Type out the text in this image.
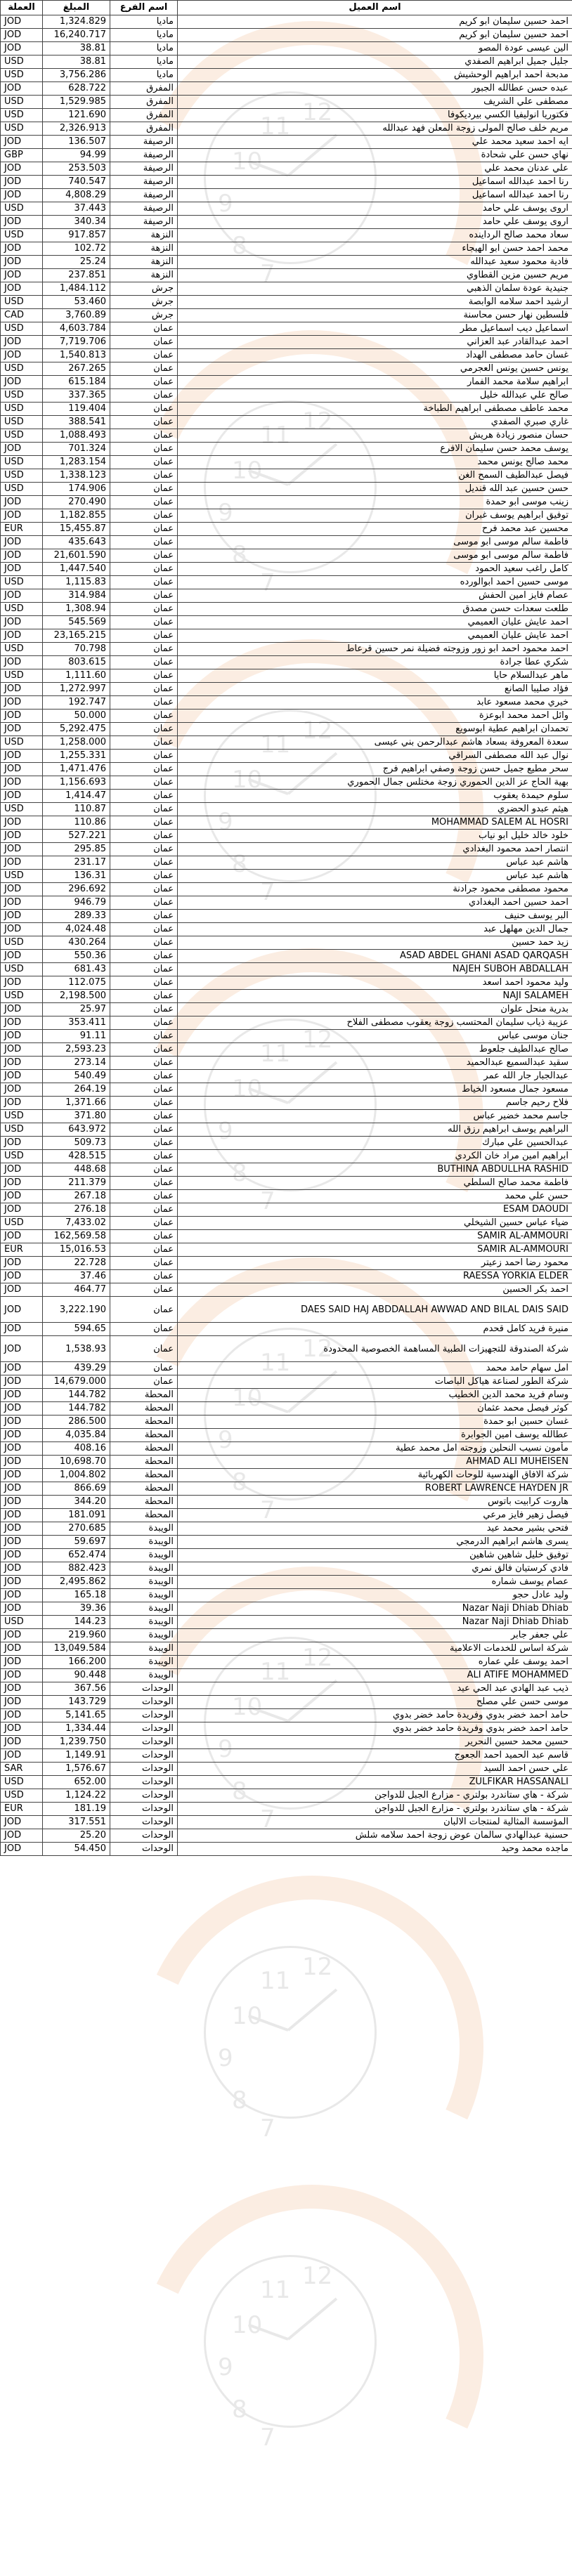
12
11
10
9
8
7
12
11
10
9
8
7
12
11
10
9
8
7
12
11
10
9
8
7
12
11
10
9
8
7
12
11
10
9
8
7
12
11
10
9
8
7
12
11
10
9
8
7
العملة	المبلغ	اسم الفرع	اسم العميل
JOD	1,324.829	ماديا	احمد حسين سليمان ابو كريم
JOD	16,240.717	ماديا	احمد حسين سليمان ابو كريم
JOD	38.81	ماديا	الين عيسى عودة المصو
USD	38.81	ماديا	جليل جميل ابراهيم الصفدي
USD	3,756.286	ماديا	مدبحة احمد ابراهيم الوحشيش
JOD	628.722	المفرق	عبده حسن عطالله الجبور
USD	1,529.985	المفرق	مصطفى علي الشريف
USD	121.690	المفرق	فكتوريا انوليفيا الكسي بيرديكوفا
USD	2,326.913	المفرق	مريم خلف صالح المولى زوجة المعلن فهد عبدالله
JOD	136.507	الرصيفة	ايه احمد سعيد محمد علي
GBP	94.99	الرصيفة	نهاي حسن علي شحادة
JOD	253.503	الرصيفة	علي عدنان محمد علي
JOD	740.547	الرصيفة	رنا احمد عبدالله اسماعيل
JOD	4,808.29	الرصيفة	رنا احمد عبدالله اسماعيل
USD	37.443	الرصيفة	اروى يوسف علي حامد
JOD	340.34	الرصيفة	اروى يوسف علي حامد
USD	917.857	النزهة	سعاد محمد صالح الرداينده
JOD	102.72	النزهة	محمد احمد حسن ابو الهيجاء
JOD	25.24	النزهة	فادية محمود سعيد عبدالله
JOD	237.851	النزهة	مريم حسين مزين القطاوي
JOD	1,484.112	جرش	جنيدية عودة سلمان الذهبي
USD	53.460	جرش	ارشيد احمد سلامه الوابصة
CAD	3,760.89	جرش	فلسطين نهار حسن محاسنة
USD	4,603.784	عمان	اسماعيل ديب اسماعيل مطر
JOD	7,719.706	عمان	احمد عبدالقادر عبد العزاني
JOD	1,540.813	عمان	غسان حامد مصطفى الهداد
USD	267.265	عمان	يونس حسين يونس العجرمي
JOD	615.184	عمان	ابراهيم سلامة محمد الفمار
USD	337.365	عمان	صالح علي عبدالله خليل
USD	119.404	عمان	محمد عاطف مصطفى ابراهيم الطباخة
USD	388.541	عمان	غاري صبري الصفدي
USD	1,088.493	عمان	حسان منصور زيادة هريش
JOD	701.324	عمان	يوسف محمد حسن سليمان الافرع
USD	1,283.154	عمان	محمد صالح يونس محمد
USD	1,338.123	عمان	فيصل عبدالطيف السمح الغن
USD	174.906	عمان	حسن حسين عبد الله قنديل
JOD	270.490	عمان	زينب موسى ابو حمدة
JOD	1,182.855	عمان	توفيق ابراهيم يوسف غبران
EUR	15,455.87	عمان	محسين عبد محمد فرح
JOD	435.643	عمان	فاطمة سالم موسى ابو موسى
JOD	21,601.590	عمان	فاطمة سالم موسى ابو موسى
JOD	1,447.540	عمان	كامل راغب سعيد الحمود
USD	1,115.83	عمان	موسى حسين احمد ابوالورده
JOD	314.984	عمان	عصام فايز امين الحفش
USD	1,308.94	عمان	طلعت سعدات حسن مصدق
JOD	545.569	عمان	احمد عايش عليان العميمي
JOD	23,165.215	عمان	احمد عايش عليان العميمي
USD	70.798	عمان	احمد محمود احمد ابو زور وزوجته فضيلة نمر حسين قرعاط
JOD	803.615	عمان	شكري عطا جرادة
USD	1,111.60	عمان	ماهر عبدالسلام حايا
JOD	1,272.997	عمان	فؤاد صليبا الصانع
JOD	192.747	عمان	خيري محمد مسعود عابد
JOD	50.000	عمان	وائل احمد محمد ابوعزة
JOD	5,292.475	عمان	تحمدان ابراهيم عطية ابوسويع
USD	1,258.000	عمان	سعدة المعروفة بسعاد هاشم عبدالرحمن بني عيسى
JOD	1,255.331	عمان	نوال عبد الله مصطفى السراقي
JOD	1,471.476	عمان	سحر مطيع جميل حسن زوجة وصفي ابراهيم فرج
JOD	1,156.693	عمان	بهية الحاج عز الدين الحموري زوجة مختلس جمال الحموري
JOD	1,414.47	عمان	سلوم حيمدة يعقوب
USD	110.87	عمان	هيثم عبدو الحضري
JOD	110.86	عمان	MOHAMMAD SALEM AL HOSRI
JOD	527.221	عمان	خلود خالد خليل ابو نياب
JOD	295.85	عمان	انتصار احمد محمود البغدادي
JOD	231.17	عمان	هاشم عبد عباس
USD	136.31	عمان	هاشم عبد عباس
JOD	296.692	عمان	محمود مصطفى محمود جرادنة
JOD	946.79	عمان	احمد حسين احمد البغدادي
JOD	289.33	عمان	البر يوسف حنيف
JOD	4,024.48	عمان	جمال الدين مهلهل عبد
USD	430.264	عمان	زيد حمد حسين
JOD	550.36	عمان	ASAD ABDEL GHANI ASAD QARQASH
USD	681.43	عمان	NAJEH SUBOH ABDALLAH
JOD	112.075	عمان	وليد محمود احمد اسعد
USD	2,198.500	عمان	NAJI SALAMEH
JOD	25.97	عمان	بدرية منحل علوان
JOD	353.411	عمان	عزيبة ذياب سليمان المحتسب زوجة يعقوب مصطفى الفلاح
JOD	91.11	عمان	جنان موسى عباس
JOD	2,593.23	عمان	صالح عبدالطيف جلعوط
JOD	273.14	عمان	سقيد عبدالسميع عبدالحميد
JOD	540.49	عمان	عبدالجبار جار الله عمر
JOD	264.19	عمان	مسعود جمال مسعود الخياط
JOD	1,371.66	عمان	فلاح رحيم جاسم
USD	371.80	عمان	جاسم محمد خضير عباس
USD	643.972	عمان	البراهيم يوسف ابراهيم رزق الله
JOD	509.73	عمان	عبدالحسين علي مبارك
USD	428.515	عمان	ابراهيم امين مراد خان الكردي
JOD	448.68	عمان	BUTHINA ABDULLHA RASHID
JOD	211.379	عمان	فاطمة محمد صالح السلطي
JOD	267.18	عمان	حسن علي محمد
JOD	276.18	عمان	ESAM DAOUDI
USD	7,433.02	عمان	ضياء عباس حسين الشيخلي
JOD	162,569.58	عمان	SAMIR AL-AMMOURI
EUR	15,016.53	عمان	SAMIR AL-AMMOURI
JOD	22.728	عمان	محمود رضا احمد زعيتر
JOD	37.46	عمان	RAESSA YORKIA ELDER
JOD	464.77	عمان	احمد بكر الحسين
JOD	3,222.190	عمان	DAES SAID HAJ ABDDALLAH AWWAD AND BILAL DAIS SAID
JOD	594.65	عمان	منيرة فريد كامل قحدم
JOD	1,538.93	عمان	شركة الصندوقة للتجهيزات الطبية المساهمة الخصوصية المحدودة
JOD	439.29	عمان	امل سهام حامد محمد
JOD	14,679.000	عمان	شركة الطور لصناعة هياكل الباصات
JOD	144.782	المحطة	وسام فريد محمد الدين الخطيب
JOD	144.782	المحطة	كوثر فيصل محمد عثمان
JOD	286.500	المحطة	غسان حسين ابو حمدة
JOD	4,035.84	المحطة	عطالله يوسف امين الجوابرة
JOD	408.16	المحطة	مأمون نسيب النحلين وزوجته امل محمد عطية
JOD	10,698.70	المحطة	AHMAD ALI MUHEISEN
JOD	1,004.802	المحطة	شركة الافاق الهندسية للوحات الكهربائية
JOD	866.69	المحطة	ROBERT LAWRENCE HAYDEN JR
JOD	344.20	المحطة	هاروت كرابيت باتوس
JOD	181.091	المحطة	فيصل زهير فايز مرعي
JOD	270.685	الويبدة	فتحي بشير محمد عيد
JOD	59.697	الويبدة	يسرى هاشم ابراهيم الدرمجي
JOD	652.474	الويبدة	توفيق خليل شاهين شاهين
JOD	882.423	الويبدة	فادي كرستيان فالق نمري
JOD	2,495.862	الويبدة	عصام يوسف شماره
JOD	165.18	الويبدة	وليد عادل حجو
JOD	39.36	الويبدة	Nazar Naji Dhiab Dhiab
USD	144.23	الويبدة	Nazar Naji Dhiab Dhiab
JOD	219.960	الويبدة	علي جعفر جابر
JOD	13,049.584	الويبدة	شركة اساس للخدمات الاعلامية
JOD	166.200	الويبدة	احمد يوسف علي عماره
JOD	90.448	الويبدة	ALI ATIFE MOHAMMED
JOD	367.56	الوحدات	ذيب عبد الهادي عبد الحي عيد
JOD	143.729	الوحدات	موسى حسن علي مصلح
JOD	5,141.65	الوحدات	حامد احمد خضر بدوي وفريدة حامد خضر بدوي
JOD	1,334.44	الوحدات	حامد احمد خضر بدوي وفريدة حامد خضر بدوي
JOD	1,239.750	الوحدات	حسين محمد حسين النحرير
JOD	1,149.91	الوحدات	قاسم عبد الحميد احمد الجعوج
SAR	1,576.67	الوحدات	علي حسن احمد السيد
USD	652.00	الوحدات	ZULFIKAR HASSANALI
USD	1,124.22	الوحدات	شركة - هاي ستاندرد بولتري - مزارع الجبل للدواجن
EUR	181.19	الوحدات	شركة - هاي ستاندرد بولتري - مزارع الجبل للدواجن
JOD	317.551	الوحدات	المؤسسة المثالية لمنتجات الالبان
JOD	25.20	الوحدات	حسنية عبدالهادي سالمان عوض زوجة احمد سلامه شلش
JOD	54.450	الوحدات	ماجده محمد وحيد
